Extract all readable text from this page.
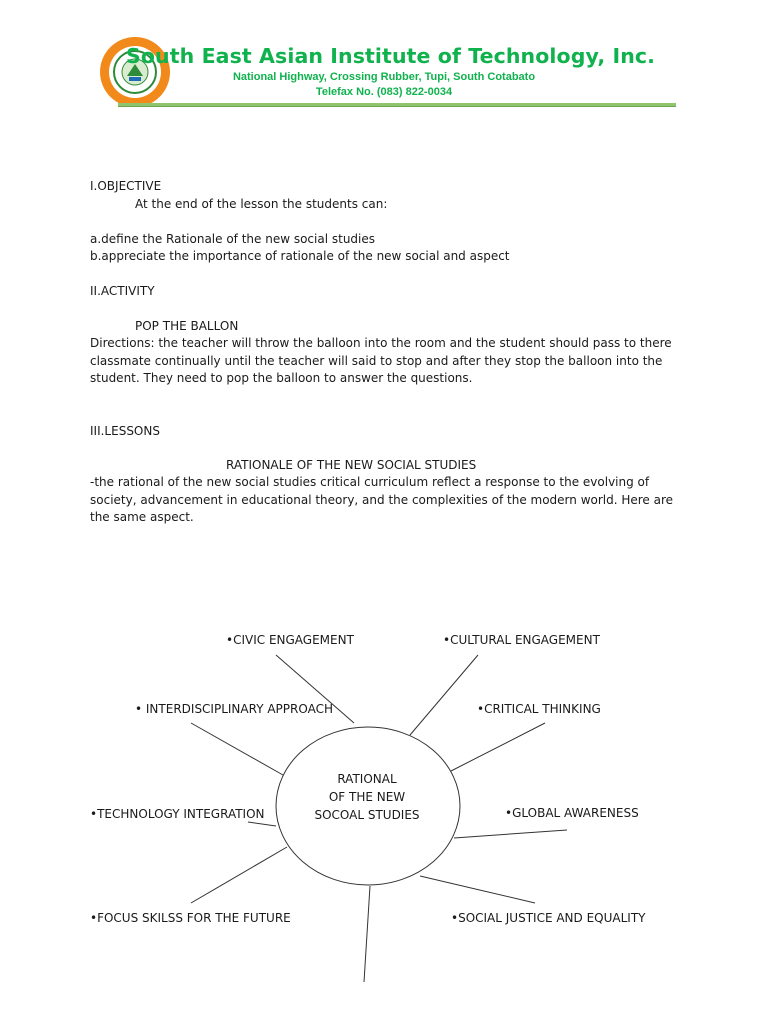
South East Asian Institute of Technology, Inc.
National Highway, Crossing Rubber, Tupi, South Cotabato
Telefax No. (083) 822-0034
I.OBJECTIVE
At the end of the lesson the students can:
a.define the Rationale of the new social studies
b.appreciate the importance of rationale of the new social and aspect
II.ACTIVITY
POP THE BALLON
Directions: the teacher will throw the balloon into the room and the student should pass to there classmate continually until the teacher will said to stop and after they stop the balloon into the student. They need to pop the balloon to answer the questions.
III.LESSONS
RATIONALE OF THE NEW SOCIAL STUDIES
-the rational of the new social studies critical curriculum reflect a response to the evolving of society, advancement in educational theory, and the complexities of the modern world. Here are the same aspect.
•CIVIC ENGAGEMENT	•CULTURAL ENGAGEMENT
• INTERDISCIPLINARY APPROACH	•CRITICAL THINKING
•TECHNOLOGY INTEGRATION	•GLOBAL AWARENESS
•FOCUS SKILSS FOR THE FUTURE	•SOCIAL JUSTICE AND EQUALITY
RATIONAL
OF THE NEW
SOCOAL STUDIES
